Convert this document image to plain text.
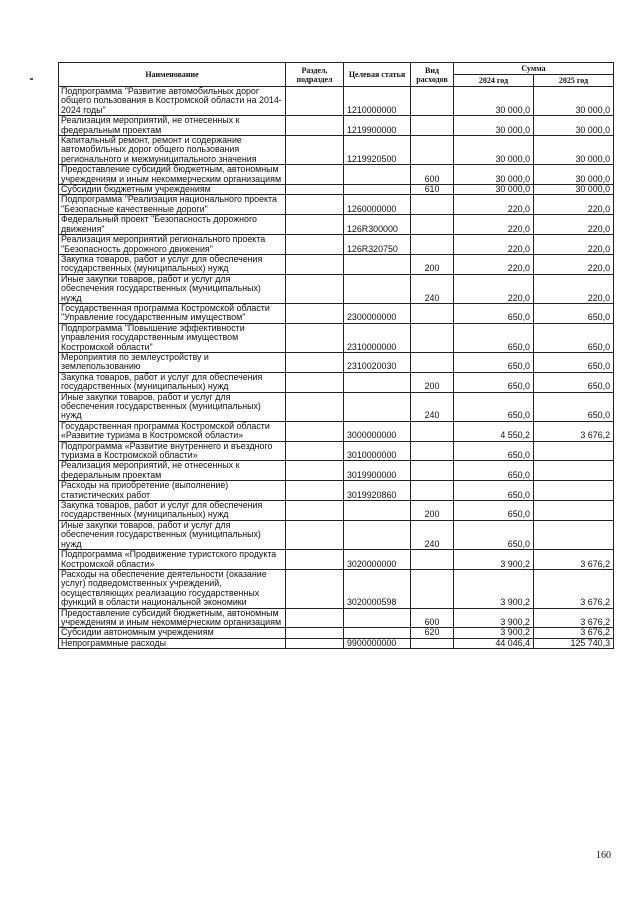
Наименование	Раздел, подраздел	Целевая статья	Вид расходов	Сумма	
				2024 год	2025 год
Подпрограмма "Развитие автомобильных дорог общего пользования в Костромской области на 2014-2024 годы"		1210000000		30 000,0	30 000,0
Реализация мероприятий, не отнесенных к федеральным проектам		1219900000		30 000,0	30 000,0
Капитальный ремонт, ремонт и содержание автомобильных дорог общего пользования регионального и межмуниципального значения		1219920500		30 000,0	30 000,0
Предоставление субсидий бюджетным, автономным учреждениям и иным некоммерческим организациям			600	30 000,0	30 000,0
Субсидии бюджетным учреждениям			610	30 000,0	30 000,0
Подпрограмма "Реализация национального проекта "Безопасные качественные дороги"		1260000000		220,0	220,0
Федеральный проект "Безопасность дорожного движения"		126R300000		220,0	220,0
Реализация мероприятий регионального проекта "Безопасность дорожного движения"		126R320750		220,0	220,0
Закупка товаров, работ и услуг для обеспечения государственных (муниципальных) нужд			200	220,0	220,0
Иные закупки товаров, работ и услуг для обеспечения государственных (муниципальных) нужд			240	220,0	220,0
Государственная программа Костромской области "Управление государственным имуществом"		2300000000		650,0	650,0
Подпрограмма "Повышение эффективности управления государственным имуществом Костромской области"		2310000000		650,0	650,0
Мероприятия по землеустройству и землепользованию		2310020030		650,0	650,0
Закупка товаров, работ и услуг для обеспечения государственных (муниципальных) нужд			200	650,0	650,0
Иные закупки товаров, работ и услуг для обеспечения государственных (муниципальных) нужд			240	650,0	650,0
Государственная программа Костромской области «Развитие туризма в Костромской области»		3000000000		4 550,2	3 676,2
Подпрограмма «Развитие внутреннего и въездного туризма в Костромской области»		3010000000		650,0	
Реализация мероприятий, не отнесенных к федеральным проектам		3019900000		650,0	
Расходы на приобретение (выполнение) статистических работ		3019920860		650,0	
Закупка товаров, работ и услуг для обеспечения государственных (муниципальных) нужд			200	650,0	
Иные закупки товаров, работ и услуг для обеспечения государственных (муниципальных) нужд			240	650,0	
Подпрограмма «Продвижение туристского продукта Костромской области»		3020000000		3 900,2	3 676,2
Расходы на обеспечение деятельности (оказание услуг) подведомственных учреждений, осуществляющих реализацию государственных функций в области национальной экономики		3020000598		3 900,2	3 676,2
Предоставление субсидий бюджетным, автономным учреждениям и иным некоммерческим организациям			600	3 900,2	3 676,2
Субсидии автономным учреждениям			620	3 900,2	3 676,2
Непрограммные расходы		9900000000		44 046,4	125 740,3
160
